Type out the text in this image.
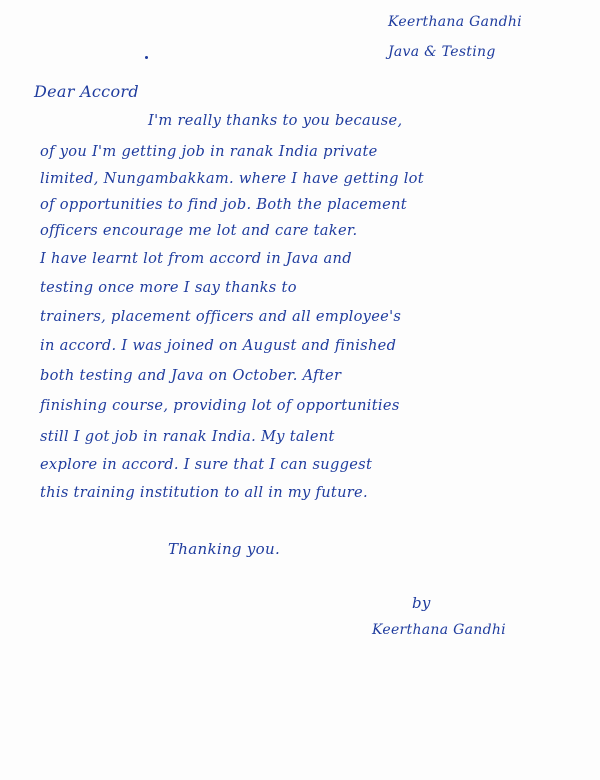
Keerthana Gandhi
Java & Testing
Dear Accord
I'm really thanks to you because,
of you I'm getting job in ranak India private
limited, Nungambakkam. where I have getting lot
of opportunities to find job. Both the placement
officers encourage me lot and care taker.
I have learnt lot from accord in Java and
testing once more I say thanks to
trainers, placement officers and all employee's
in accord. I was joined on August and finished
both testing and Java on October. After
finishing course, providing lot of opportunities
still I got job in ranak India. My talent
explore in accord. I sure that I can suggest
this training institution to all in my future.
Thanking you.
by
Keerthana Gandhi
